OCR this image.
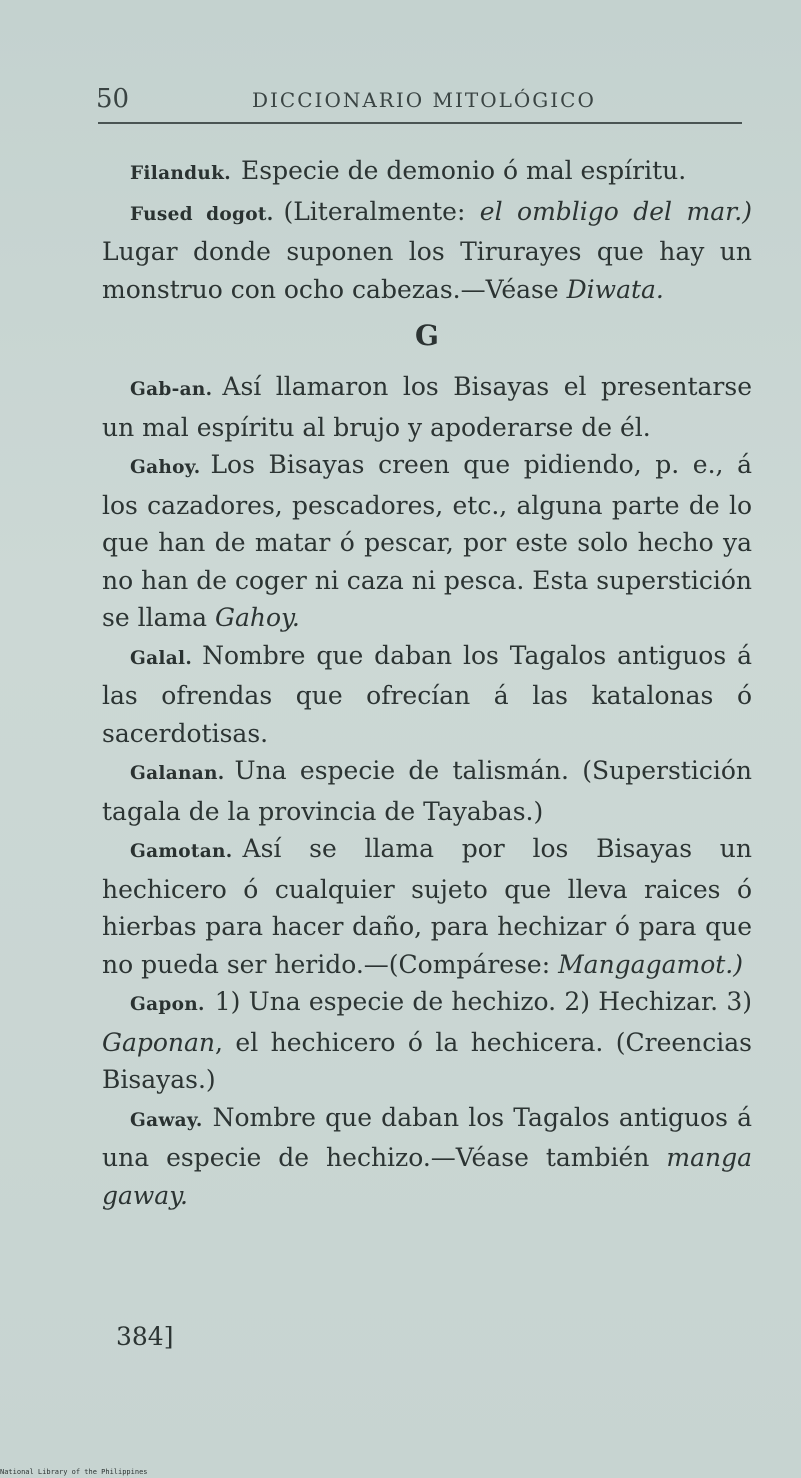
50	DICCIONARIO MITOLÓGICO

Filanduk. Especie de demonio ó mal espíritu.

Fused dogot. (Literalmente: el ombligo del mar.) Lugar donde suponen los Tirurayes que hay un monstruo con ocho cabezas.—Véase Diwata.

G

Gab-an. Así llamaron los Bisayas el presentarse un mal espíritu al brujo y apoderarse de él.

Gahoy. Los Bisayas creen que pidiendo, p. e., á los cazadores, pescadores, etc., alguna parte de lo que han de matar ó pescar, por este solo hecho ya no han de coger ni caza ni pesca. Esta superstición se llama Gahoy.

Galal. Nombre que daban los Tagalos antiguos á las ofrendas que ofrecían á las katalonas ó sacerdotisas.

Galanan. Una especie de talismán. (Superstición tagala de la provincia de Tayabas.)

Gamotan. Así se llama por los Bisayas un hechicero ó cualquier sujeto que lleva raices ó hierbas para hacer daño, para hechizar ó para que no pueda ser herido.—(Compárese: Mangagamot.)

Gapon. 1) Una especie de hechizo. 2) Hechizar. 3) Gaponan, el hechicero ó la hechicera. (Creencias Bisayas.)

Gaway. Nombre que daban los Tagalos antiguos á una especie de hechizo.—Véase también manga gaway.

384]
National Library of the Philippines
